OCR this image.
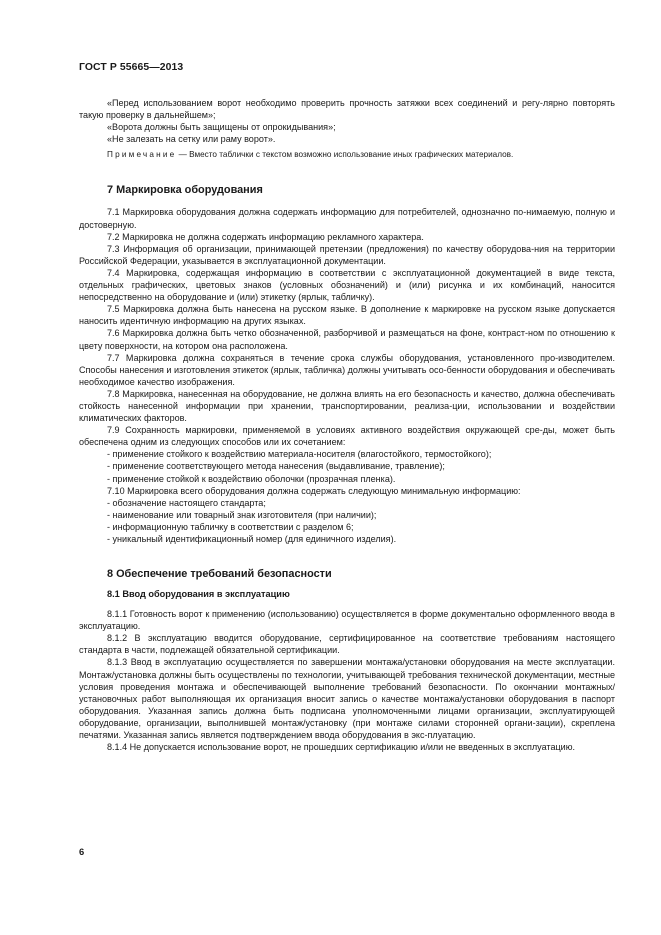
ГОСТ Р 55665—2013

«Перед использованием ворот необходимо проверить прочность затяжки всех соединений и регу-лярно повторять такую проверку в дальнейшем»;

«Ворота должны быть защищены от опрокидывания»;

«Не залезать на сетку или раму ворот».

Примечание — Вместо таблички с текстом возможно использование иных графических материалов.

7 Маркировка оборудования

7.1 Маркировка оборудования должна содержать информацию для потребителей, однозначно по-нимаемую, полную и достоверную.

7.2 Маркировка не должна содержать информацию рекламного характера.

7.3 Информация об организации, принимающей претензии (предложения) по качеству оборудова-ния на территории Российской Федерации, указывается в эксплуатационной документации.

7.4 Маркировка, содержащая информацию в соответствии с эксплуатационной документацией в виде текста, отдельных графических, цветовых знаков (условных обозначений) и (или) рисунка и их комбинаций, наносится непосредственно на оборудование и (или) этикетку (ярлык, табличку).

7.5 Маркировка должна быть нанесена на русском языке. В дополнение к маркировке на русском языке допускается наносить идентичную информацию на других языках.

7.6 Маркировка должна быть четко обозначенной, разборчивой и размещаться на фоне, контраст-ном по отношению к цвету поверхности, на котором она расположена.

7.7 Маркировка должна сохраняться в течение срока службы оборудования, установленного про-изводителем. Способы нанесения и изготовления этикеток (ярлык, табличка) должны учитывать осо-бенности оборудования и обеспечивать необходимое качество изображения.

7.8 Маркировка, нанесенная на оборудование, не должна влиять на его безопасность и качество, должна обеспечивать стойкость нанесенной информации при хранении, транспортировании, реализа-ции, использовании и воздействии климатических факторов.

7.9 Сохранность маркировки, применяемой в условиях активного воздействия окружающей сре-ды, может быть обеспечена одним из следующих способов или их сочетанием:

- применение стойкого к воздействию материала-носителя (влагостойкого, термостойкого);

- применение соответствующего метода нанесения (выдавливание, травление);

- применение стойкой к воздействию оболочки (прозрачная пленка).

7.10 Маркировка всего оборудования должна содержать следующую минимальную информацию:

- обозначение настоящего стандарта;

- наименование или товарный знак изготовителя (при наличии);

- информационную табличку в соответствии с разделом 6;

- уникальный идентификационный номер (для единичного изделия).

8 Обеспечение требований безопасности
8.1 Ввод оборудования в эксплуатацию

8.1.1 Готовность ворот к применению (использованию) осуществляется в форме документально оформленного ввода в эксплуатацию.

8.1.2 В эксплуатацию вводится оборудование, сертифицированное на соответствие требованиям настоящего стандарта в части, подлежащей обязательной сертификации.

8.1.3 Ввод в эксплуатацию осуществляется по завершении монтажа/установки оборудования на месте эксплуатации. Монтаж/установка должны быть осуществлены по технологии, учитывающей требования технической документации, местные условия проведения монтажа и обеспечивающей выполнение требований безопасности. По окончании монтажных/установочных работ выполняющая их организация вносит запись о качестве монтажа/установки оборудования в паспорт оборудования. Указанная запись должна быть подписана уполномоченными лицами организации, эксплуатирующей оборудование, организации, выполнившей монтаж/установку (при монтаже силами сторонней органи-зации), скреплена печатями. Указанная запись является подтверждением ввода оборудования в экс-плуатацию.

8.1.4 Не допускается использование ворот, не прошедших сертификацию и/или не введенных в эксплуатацию.

6
